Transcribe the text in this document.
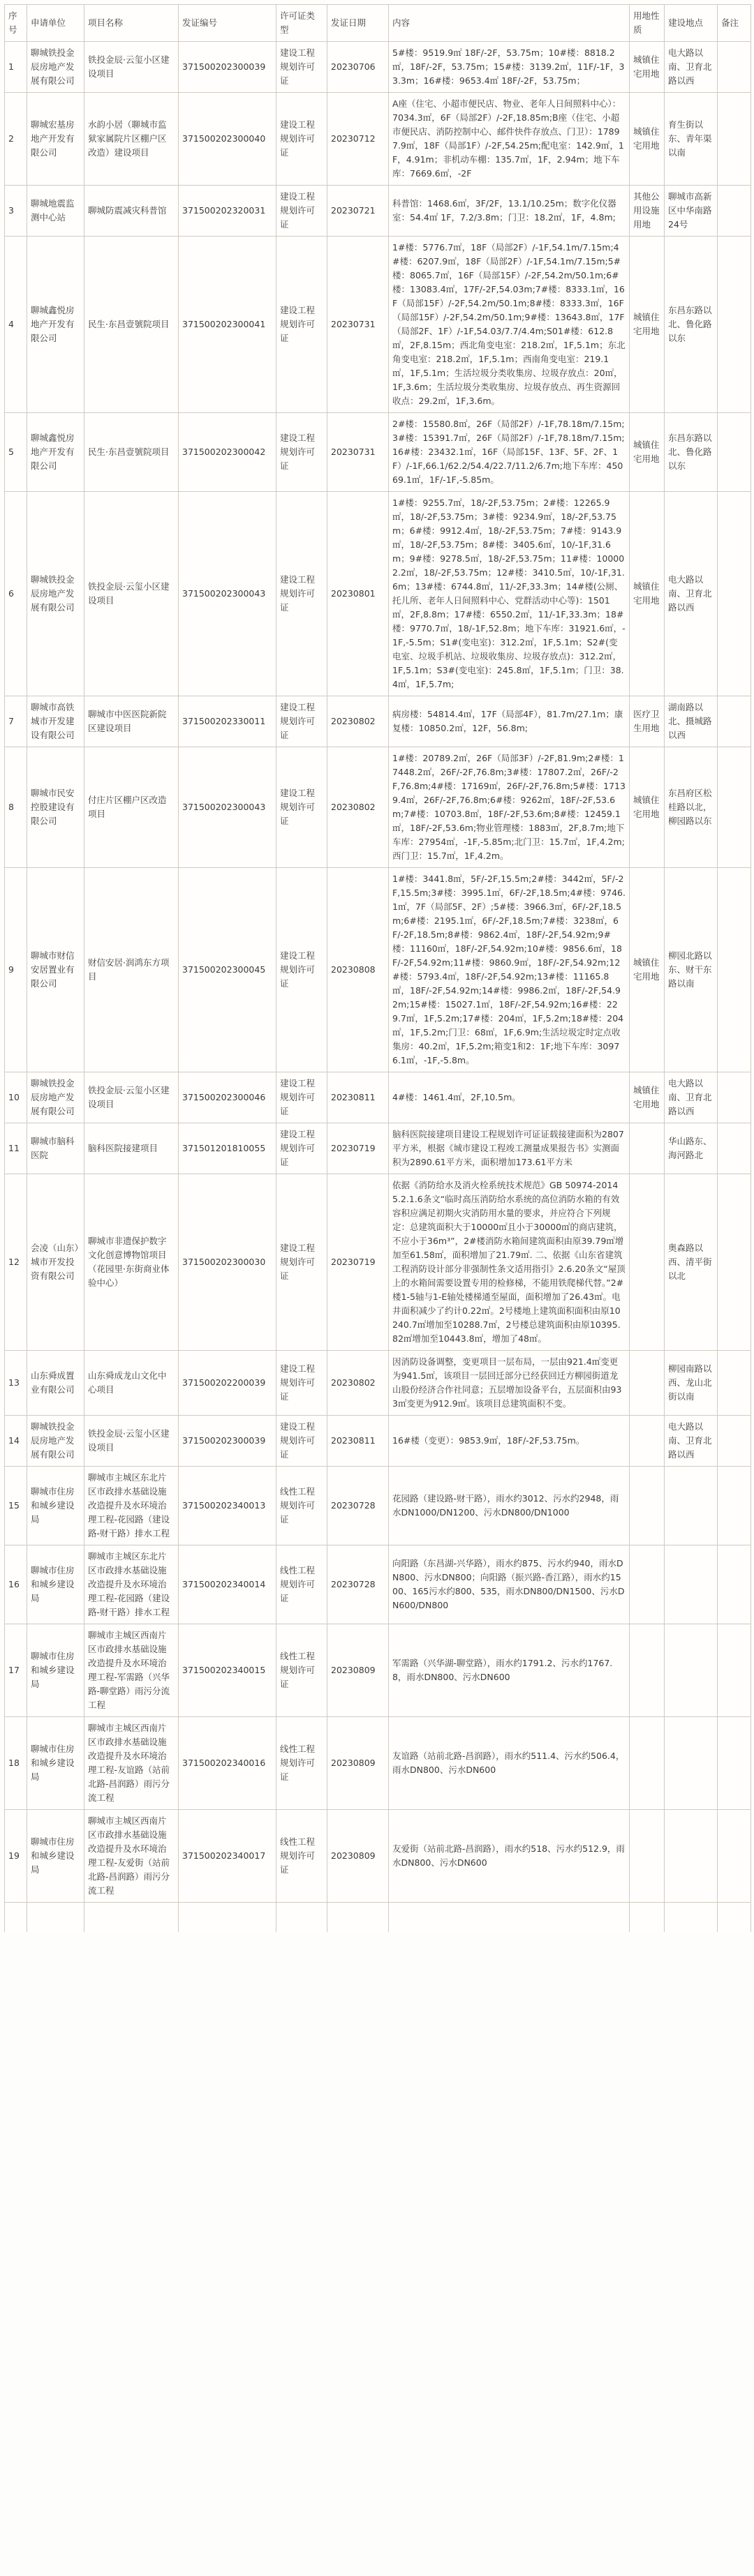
序号	申请单位	项目名称	发证编号	许可证类型	发证日期	内容	用地性质	建设地点	备注
1	聊城铁投金辰房地产发展有限公司	铁投金辰·云玺小区建设项目	371500202300039	建设工程规划许可证	20230706	5#楼：9519.9㎡ 18F/-2F，53.75m；10#楼：8818.2㎡，18F/-2F，53.75m；15#楼：3139.2㎡，11F/-1F，33.3m；16#楼：9653.4㎡ 18F/-2F，53.75m；	城镇住宅用地	电大路以南、卫育北路以西	
2	聊城宏基房地产开发有限公司	水韵小居（聊城市监狱家属院片区棚户区改造）建设项目	371500202300040	建设工程规划许可证	20230712	A座（住宅、小超市便民店、物业、老年人日间照料中心）：7034.3㎡，6F（局部2F）/-2F,18.85m;B座（住宅、小超市便民店、消防控制中心、邮件快件存放点、门卫）：17897.9㎡，18F（局部1F）/-2F,54.25m;配电室：142.9㎡，1F，4.91m；非机动车棚：135.7㎡，1F，2.94m；地下车库：7669.6㎡，-2F	城镇住宅用地	育生街以东、青年渠以南	
3	聊城地震监测中心站	聊城防震减灾科普馆	371500202320031	建设工程规划许可证	20230721	科普馆：1468.6㎡，3F/2F，13.1/10.25m；数字化仪器室：54.4㎡ 1F，7.2/3.8m；门卫：18.2㎡，1F，4.8m;	其他公用设施用地	聊城市高新区中华南路24号	
4	聊城鑫悦房地产开发有限公司	民生·东昌壹號院项目	371500202300041	建设工程规划许可证	20230731	1#楼：5776.7㎡，18F（局部2F）/-1F,54.1m/7.15m;4#楼：6207.9㎡，18F（局部2F）/-1F,54.1m/7.15m;5#楼：8065.7㎡，16F（局部15F）/-2F,54.2m/50.1m;6#楼：13083.4㎡，17F/-2F,54.03m;7#楼：8333.1㎡，16F（局部15F）/-2F,54.2m/50.1m;8#楼：8333.3㎡，16F（局部15F）/-2F,54.2m/50.1m;9#楼：13643.8㎡，17F（局部2F、1F）/-1F,54.03/7.7/4.4m;S01#楼：612.8㎡，2F,8.15m；西北角变电室：218.2㎡，1F,5.1m；东北角变电室：218.2㎡，1F,5.1m；西南角变电室：219.1㎡，1F,5.1m；生活垃圾分类收集房、垃圾存放点：20㎡，1F,3.6m；生活垃圾分类收集房、垃圾存放点、再生资源回收点：29.2㎡，1F,3.6m。	城镇住宅用地	东昌东路以北、鲁化路以东	
5	聊城鑫悦房地产开发有限公司	民生·东昌壹號院项目	371500202300042	建设工程规划许可证	20230731	2#楼：15580.8㎡，26F（局部2F）/-1F,78.18m/7.15m;3#楼：15391.7㎡，26F（局部2F）/-1F,78.18m/7.15m;16#楼：23432.1㎡，16F（局部15F、13F、5F、2F、1F）/-1F,66.1/62.2/54.4/22.7/11.2/6.7m;地下车库：45069.1㎡，1F/-1F,-5.85m。	城镇住宅用地	东昌东路以北、鲁化路以东	
6	聊城铁投金辰房地产发展有限公司	铁投金辰·云玺小区建设项目	371500202300043	建设工程规划许可证	20230801	1#楼：9255.7㎡，18/-2F,53.75m；2#楼：12265.9㎡，18/-2F,53.75m；3#楼：9234.9㎡，18/-2F,53.75m；6#楼：9912.4㎡，18/-2F,53.75m；7#楼：9143.9㎡，18/-2F,53.75m；8#楼：3405.6㎡，10/-1F,31.6m；9#楼：9278.5㎡，18/-2F,53.75m；11#楼：100002.2㎡，18/-2F,53.75m；12#楼：3410.5㎡，10/-1F,31.6m；13#楼：6744.8㎡，11/-2F,33.3m；14#楼(公厕、托儿所、老年人日间照料中心、党群活动中心等)：1501㎡，2F,8.8m；17#楼：6550.2㎡，11/-1F,33.3m；18#楼：9770.7㎡，18/-1F,52.8m；地下车库：31921.6㎡，-1F,-5.5m；S1#(变电室)：312.2㎡，1F,5.1m；S2#(变电室、垃圾手机站、垃圾收集房、垃圾存放点)：312.2㎡，1F,5.1m；S3#(变电室)：245.8㎡，1F,5.1m；门卫：38.4㎡，1F,5.7m;	城镇住宅用地	电大路以南、卫育北路以西	
7	聊城市高铁城市开发建设有限公司	聊城市中医医院新院区建设项目	371500202330011	建设工程规划许可证	20230802	病房楼：54814.4㎡，17F（局部4F），81.7m/27.1m；康复楼：10850.2㎡，12F，56.8m;	医疗卫生用地	湖南路以北、摄城路以西	
8	聊城市民安控股建设有限公司	付庄片区棚户区改造项目	371500202300043	建设工程规划许可证	20230802	1#楼：20789.2㎡，26F（局部3F）/-2F,81.9m;2#楼：17448.2㎡，26F/-2F,76.8m;3#楼：17807.2㎡，26F/-2F,76.8m;4#楼：17169㎡，26F/-2F,76.8m;5#楼：17139.4㎡，26F/-2F,76.8m;6#楼：9262㎡，18F/-2F,53.6m;7#楼：10703.8㎡，18F/-2F,53.6m;8#楼：12459.1㎡，18F/-2F,53.6m;物业管理楼：1883㎡，2F,8.7m;地下车库：27954㎡，-1F,-5.85m;北门卫：15.7㎡，1F,4.2m;西门卫：15.7㎡，1F,4.2m。	城镇住宅用地	东昌府区松桂路以北，柳园路以东	
9	聊城市财信安居置业有限公司	财信安居·润鸿东方项目	371500202300045	建设工程规划许可证	20230808	1#楼：3441.8㎡，5F/-2F,15.5m;2#楼：3442㎡，5F/-2F,15.5m;3#楼：3995.1㎡，6F/-2F,18.5m;4#楼：9746.1㎡，7F（局部5F、2F）;5#楼：3966.3㎡，6F/-2F,18.5m;6#楼：2195.1㎡，6F/-2F,18.5m;7#楼：3238㎡，6F/-2F,18.5m;8#楼：9862.4㎡，18F/-2F,54.92m;9#楼：11160㎡，18F/-2F,54.92m;10#楼：9856.6㎡，18F/-2F,54.92m;11#楼：9860.9㎡，18F/-2F,54.92m;12#楼：5793.4㎡，18F/-2F,54.92m;13#楼：11165.8㎡，18F/-2F,54.92m;14#楼：9986.2㎡，18F/-2F,54.92m;15#楼：15027.1㎡，18F/-2F,54.92m;16#楼：229.7㎡，1F,5.2m;17#楼：204㎡，1F,5.2m;18#楼：204㎡，1F,5.2m;门卫：68㎡，1F,6.9m;生活垃圾定时定点收集房：40.2㎡，1F,5.2m;箱变1和2：1F;地下车库：30976.1㎡，-1F,-5.8m。	城镇住宅用地	柳园北路以东、财干东路以南	
10	聊城铁投金辰房地产发展有限公司	铁投金辰·云玺小区建设项目	371500202300046	建设工程规划许可证	20230811	4#楼：1461.4㎡，2F,10.5m。	城镇住宅用地	电大路以南、卫育北路以西	
11	聊城市脑科医院	脑科医院接建项目	371501201810055	建设工程规划许可证	20230719	脑科医院接建项目建设工程规划许可证证载接建面积为2807平方米，根据《城市建设工程竣工测量成果报告书》实测面积为2890.61平方米，面积增加173.61平方米		华山路东、海河路北	
12	会凌（山东）城市开发投资有限公司	聊城市非遗保护数字文化创意博物馆项目（花园里·东街商业体验中心）	371500202300030	建设工程规划许可证	20230719	依据《消防给水及消火栓系统技术规范》GB 50974-2014 5.2.1.6条文“临时高压消防给水系统的高位消防水箱的有效容积应满足初期火灾消防用水量的要求，并应符合下列规定：总建筑面积大于10000㎡且小于30000㎡的商店建筑，不应小于36m³”，2#楼消防水箱间建筑面积由原39.79㎡增加至61.58㎡，面积增加了21.79㎡. 二、依据《山东省建筑工程消防设计部分非强制性条文适用指引》2.6.20条文“屋顶上的水箱间需要设置专用的检修梯，不能用铁爬梯代替。”2#楼1-5轴与1-E轴处楼梯通至屋面，面积增加了26.43㎡。电井面积减少了约计0.22㎡。2号楼地上建筑面积面积由原10240.7㎡增加至10288.7㎡，2号楼总建筑面积由原10395.82㎡增加至10443.8㎡，增加了48㎡。		奥森路以西、清平街以北	
13	山东舜成置业有限公司	山东舜成龙山文化中心项目	371500202200039	建设工程规划许可证	20230802	因消防设备调整，变更项目一层布局，一层由921.4㎡变更为941.5㎡，该项目一层回迁部分已经获回迁方柳园街道龙山股份经济合作社同意；五层增加设备平台，五层面积由933㎡变更为912.9㎡。该项目总建筑面积不变。		柳园南路以西、龙山北街以南	
14	聊城铁投金辰房地产发展有限公司	铁投金辰·云玺小区建设项目	371500202300039	建设工程规划许可证	20230811	16#楼（变更）：9853.9㎡，18F/-2F,53.75m。		电大路以南、卫育北路以西	
15	聊城市住房和城乡建设局	聊城市主城区东北片区市政排水基础设施改造提升及水环境治理工程-花园路（建设路-财干路）排水工程	371500202340013	线性工程规划许可证	20230728	花园路（建设路-财干路），雨水约3012、污水约2948，雨水DN1000/DN1200、污水DN800/DN1000			
16	聊城市住房和城乡建设局	聊城市主城区东北片区市政排水基础设施改造提升及水环境治理工程-花园路（建设路-财干路）排水工程	371500202340014	线性工程规划许可证	20230728	向阳路（东昌湖-兴华路），雨水约875、污水约940，雨水DN800、污水DN800；向阳路（振兴路-香江路），雨水约1500、165污水约800、535，雨水DN800/DN1500、污水DN600/DN800			
17	聊城市住房和城乡建设局	聊城市主城区西南片区市政排水基础设施改造提升及水环境治理工程-军需路（兴华路-聊堂路）雨污分流工程	371500202340015	线性工程规划许可证	20230809	军需路（兴华湖-聊堂路），雨水约1791.2、污水约1767.8，雨水DN800、污水DN600			
18	聊城市住房和城乡建设局	聊城市主城区西南片区市政排水基础设施改造提升及水环境治理工程-友谊路（站前北路-昌润路）雨污分流工程	371500202340016	线性工程规划许可证	20230809	友谊路（站前北路-昌润路），雨水约511.4、污水约506.4，雨水DN800、污水DN600			
19	聊城市住房和城乡建设局	聊城市主城区西南片区市政排水基础设施改造提升及水环境治理工程-友爱街（站前北路-昌润路）雨污分流工程	371500202340017	线性工程规划许可证	20230809	友爱街（站前北路-昌润路），雨水约518、污水约512.9，雨水DN800、污水DN600			
